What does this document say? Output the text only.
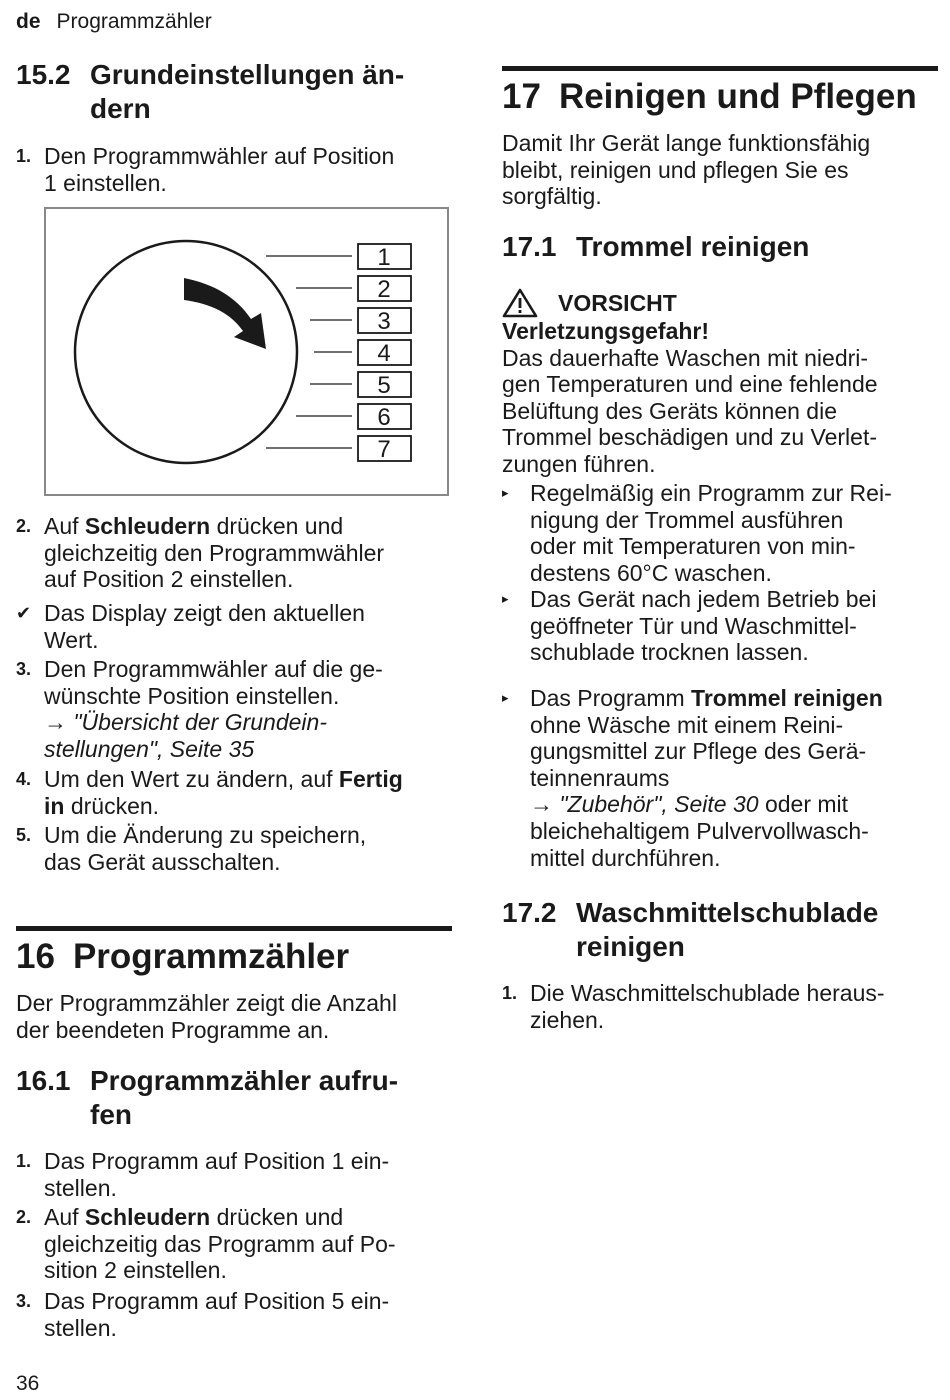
de Programmzähler
15.2 Grundeinstellungen än-
dern
1. Den Programmwähler auf Position
1 einstellen.
1
2
3
4
5
6
7
2. Auf Schleudern drücken und
gleichzeitig den Programmwähler
auf Position 2 einstellen.
✔ Das Display zeigt den aktuellen
Wert.
3. Den Programmwähler auf die ge-
wünschte Position einstellen.
→ "Übersicht der Grundein-
stellungen", Seite 35
4. Um den Wert zu ändern, auf Fertig
in drücken.
5. Um die Änderung zu speichern,
das Gerät ausschalten.
16 Programmzähler
Der Programmzähler zeigt die Anzahl
der beendeten Programme an.
16.1 Programmzähler aufru-
fen
1. Das Programm auf Position 1 ein-
stellen.
2. Auf Schleudern drücken und
gleichzeitig das Programm auf Po-
sition 2 einstellen.
3. Das Programm auf Position 5 ein-
stellen.
17 Reinigen und Pflegen
Damit Ihr Gerät lange funktionsfähig
bleibt, reinigen und pflegen Sie es
sorgfältig.
17.1 Trommel reinigen
VORSICHT
Verletzungsgefahr!
Das dauerhafte Waschen mit niedri-
gen Temperaturen und eine fehlende
Belüftung des Geräts können die
Trommel beschädigen und zu Verlet-
zungen führen.
▸ Regelmäßig ein Programm zur Rei-
nigung der Trommel ausführen
oder mit Temperaturen von min-
destens 60°C waschen.
▸ Das Gerät nach jedem Betrieb bei
geöffneter Tür und Waschmittel-
schublade trocknen lassen.
▸ Das Programm Trommel reinigen
ohne Wäsche mit einem Reini-
gungsmittel zur Pflege des Gerä-
teinnenraums
→ "Zubehör", Seite 30 oder mit
bleichehaltigem Pulvervollwasch-
mittel durchführen.
17.2 Waschmittelschublade
reinigen
1. Die Waschmittelschublade heraus-
ziehen.
36
